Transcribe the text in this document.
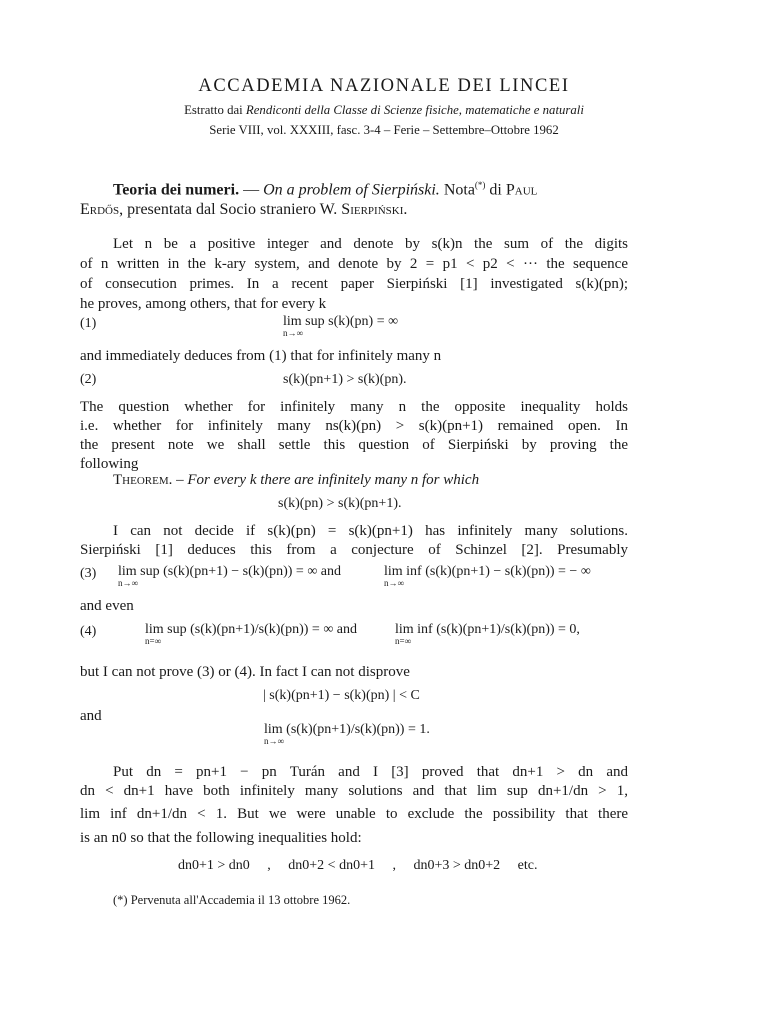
ACCADEMIA NAZIONALE DEI LINCEI
Estratto dai Rendiconti della Classe di Scienze fisiche, matematiche e naturali
Serie VIII, vol. XXXIII, fasc. 3-4 – Ferie – Settembre–Ottobre 1962
Teoria dei numeri. — On a problem of Sierpiński. Nota(*) di Paul
Erdős, presentata dal Socio straniero W. Sierpiński.
Let n be a positive integer and denote by s(k)n the sum of the digits
of n written in the k-ary system, and denote by 2 = p1 < p2 < ··· the sequence
of consecution primes. In a recent paper Sierpiński [1] investigated s(k)(pn);
he proves, among others, that for every k
(1)	lim sup s(k)(pn) = ∞
n→∞
and immediately deduces from (1) that for infinitely many n
(2)	s(k)(pn+1) > s(k)(pn).
The question whether for infinitely many n the opposite inequality holds
i.e. whether for infinitely many ns(k)(pn) > s(k)(pn+1) remained open. In
the present note we shall settle this question of Sierpiński by proving the
following
Theorem. – For every k there are infinitely many n for which
s(k)(pn) > s(k)(pn+1).
I can not decide if s(k)(pn) = s(k)(pn+1) has infinitely many solutions.
Sierpiński [1] deduces this from a conjecture of Schinzel [2]. Presumably
(3) lim sup (s(k)(pn+1) − s(k)(pn)) = ∞ and
n→∞
lim inf (s(k)(pn+1) − s(k)(pn)) = − ∞
n→∞
and even
(4)	lim sup (s(k)(pn+1)/s(k)(pn)) = ∞ and
n=∞
lim inf (s(k)(pn+1)/s(k)(pn)) = 0,
n=∞
but I can not prove (3) or (4). In fact I can not disprove
| s(k)(pn+1) − s(k)(pn) | < C
and
lim (s(k)(pn+1)/s(k)(pn)) = 1.
n→∞
Put dn = pn+1 − pn Turán and I [3] proved that dn+1 > dn and
dn < dn+1 have both infinitely many solutions and that lim sup dn+1/dn > 1,
lim inf dn+1/dn < 1. But we were unable to exclude the possibility that there
is an n0 so that the following inequalities hold:
dn0+1 > dn0     ,     dn0+2 < dn0+1     ,     dn0+3 > dn0+2     etc.
(*) Pervenuta all'Accademia il 13 ottobre 1962.
